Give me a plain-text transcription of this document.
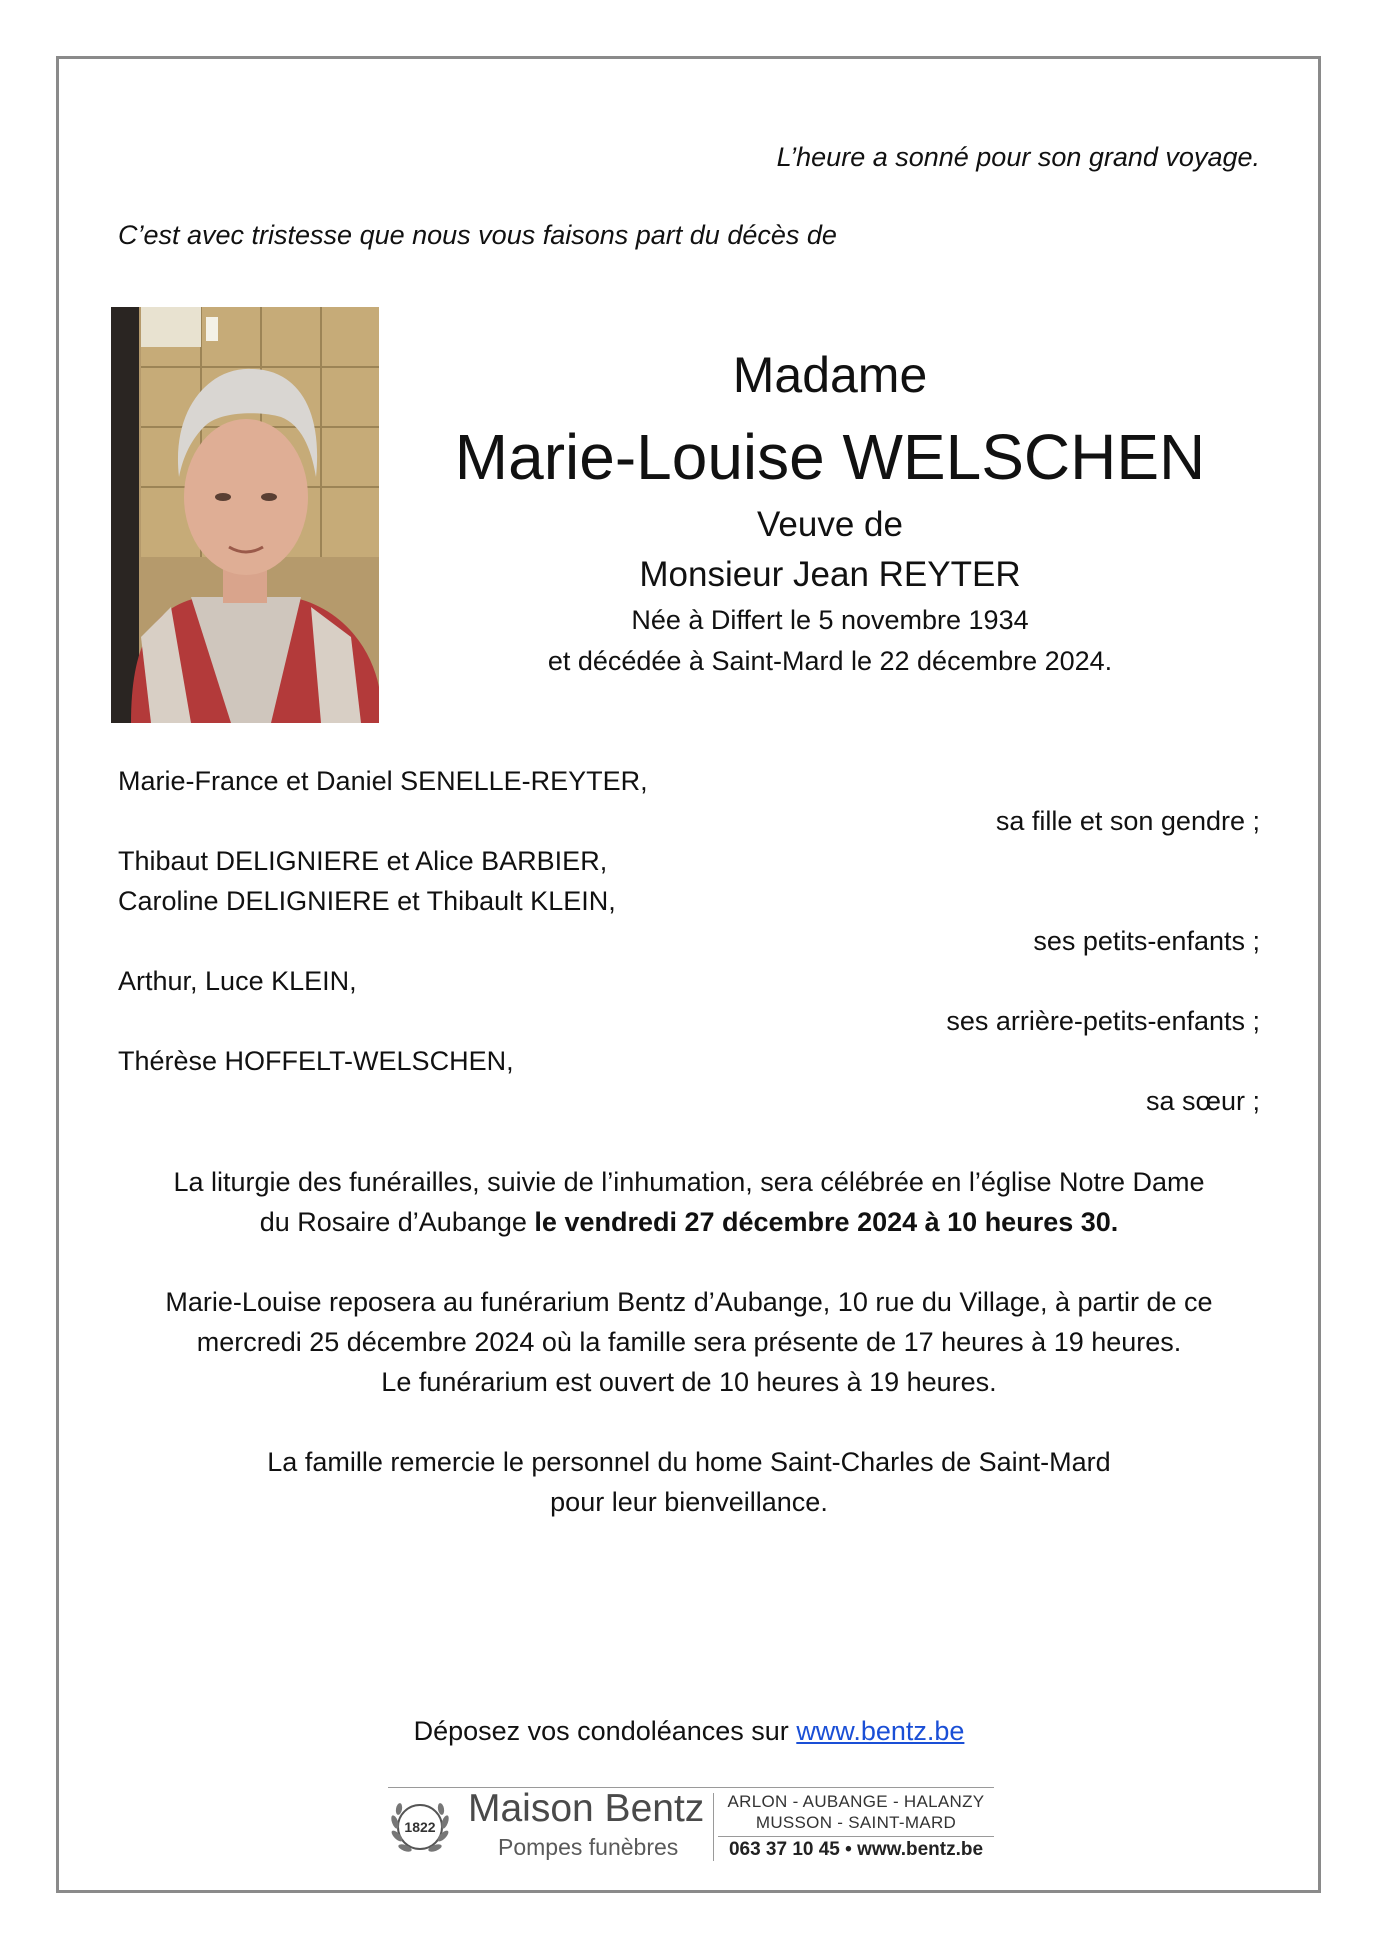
L’heure a sonné pour son grand voyage.
C’est avec tristesse que nous vous faisons part du décès de
Madame
Marie-Louise WELSCHEN
Veuve de
Monsieur Jean REYTER
Née à Differt le 5 novembre 1934
et décédée à Saint-Mard le 22 décembre 2024.
Marie-France et Daniel SENELLE-REYTER,
sa fille et son gendre ;
Thibaut DELIGNIERE et Alice BARBIER,
Caroline DELIGNIERE et Thibault KLEIN,
ses petits-enfants ;
Arthur, Luce KLEIN,
ses arrière-petits-enfants ;
Thérèse HOFFELT-WELSCHEN,
sa sœur ;
La liturgie des funérailles, suivie de l’inhumation, sera célébrée en l’église Notre Dame
du Rosaire d’Aubange le vendredi 27 décembre 2024 à 10 heures 30.
Marie-Louise reposera au funérarium Bentz d’Aubange, 10 rue du Village, à partir de ce
mercredi 25 décembre 2024 où la famille sera présente de 17 heures à 19 heures.
Le funérarium est ouvert de 10 heures à 19 heures.
La famille remercie le personnel du home Saint-Charles de Saint-Mard
pour leur bienveillance.
Déposez vos condoléances sur www.bentz.be
1822 Maison Bentz
Pompes funèbres
ARLON - AUBANGE - HALANZY
MUSSON - SAINT-MARD
063 37 10 45 • www.bentz.be
